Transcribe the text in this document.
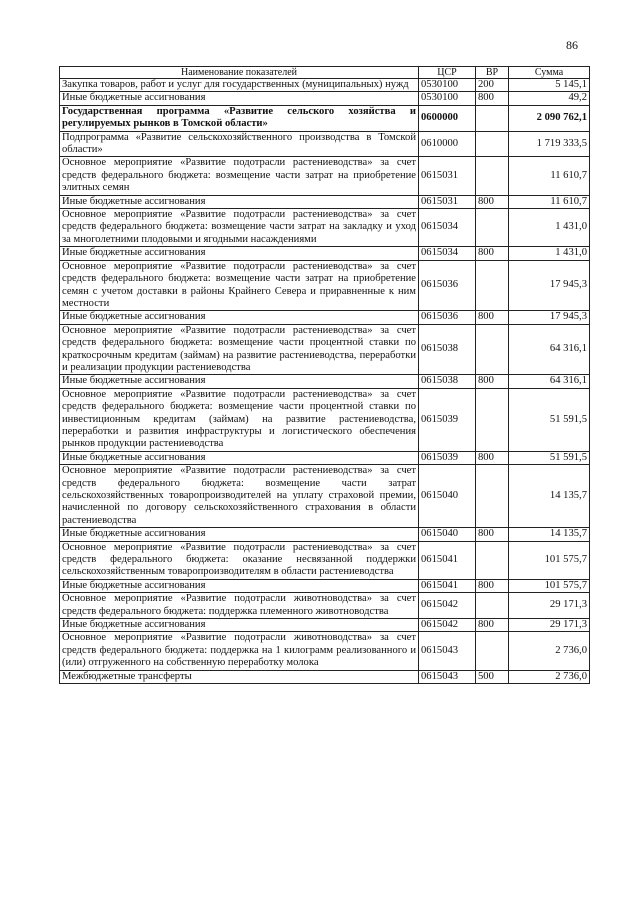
86
Наименование показателей	ЦСР	ВР	Сумма
Закупка товаров, работ и услуг для государственных (муниципальных) нужд	0530100	200	5 145,1
Иные бюджетные ассигнования	0530100	800	49,2
Государственная программа «Развитие сельского хозяйства и регулируемых рынков в Томской области»	0600000		2 090 762,1
Подпрограмма «Развитие сельскохозяйственного производства в Томской области»	0610000		1 719 333,5
Основное мероприятие «Развитие подотрасли растениеводства» за счет средств федерального бюджета: возмещение части затрат на приобретение элитных семян	0615031		11 610,7
Иные бюджетные ассигнования	0615031	800	11 610,7
Основное мероприятие «Развитие подотрасли растениеводства» за счет средств федерального бюджета: возмещение части затрат на закладку и уход за многолетними плодовыми и ягодными насаждениями	0615034		1 431,0
Иные бюджетные ассигнования	0615034	800	1 431,0
Основное мероприятие «Развитие подотрасли растениеводства» за счет средств федерального бюджета: возмещение части затрат на приобретение семян с учетом доставки в районы Крайнего Севера и приравненные к ним местности	0615036		17 945,3
Иные бюджетные ассигнования	0615036	800	17 945,3
Основное мероприятие «Развитие подотрасли растениеводства» за счет средств федерального бюджета: возмещение части процентной ставки по краткосрочным кредитам (займам) на развитие растениеводства, переработки и реализации продукции растениеводства	0615038		64 316,1
Иные бюджетные ассигнования	0615038	800	64 316,1
Основное мероприятие «Развитие подотрасли растениеводства» за счет средств федерального бюджета: возмещение части процентной ставки по инвестиционным кредитам (займам) на развитие растениеводства, переработки и развития инфраструктуры и логистического обеспечения рынков продукции растениеводства	0615039		51 591,5
Иные бюджетные ассигнования	0615039	800	51 591,5
Основное мероприятие «Развитие подотрасли растениеводства» за счет средств федерального бюджета: возмещение части затрат сельскохозяйственных товаропроизводителей на уплату страховой премии, начисленной по договору сельскохозяйственного страхования в области растениеводства	0615040		14 135,7
Иные бюджетные ассигнования	0615040	800	14 135,7
Основное мероприятие «Развитие подотрасли растениеводства» за счет средств федерального бюджета: оказание несвязанной поддержки сельскохозяйственным товаропроизводителям в области растениеводства	0615041		101 575,7
Иные бюджетные ассигнования	0615041	800	101 575,7
Основное мероприятие «Развитие подотрасли животноводства» за счет средств федерального бюджета: поддержка племенного животноводства	0615042		29 171,3
Иные бюджетные ассигнования	0615042	800	29 171,3
Основное мероприятие «Развитие подотрасли животноводства» за счет средств федерального бюджета: поддержка на 1 килограмм реализованного и (или) отгруженного на собственную переработку молока	0615043		2 736,0
Межбюджетные трансферты	0615043	500	2 736,0
